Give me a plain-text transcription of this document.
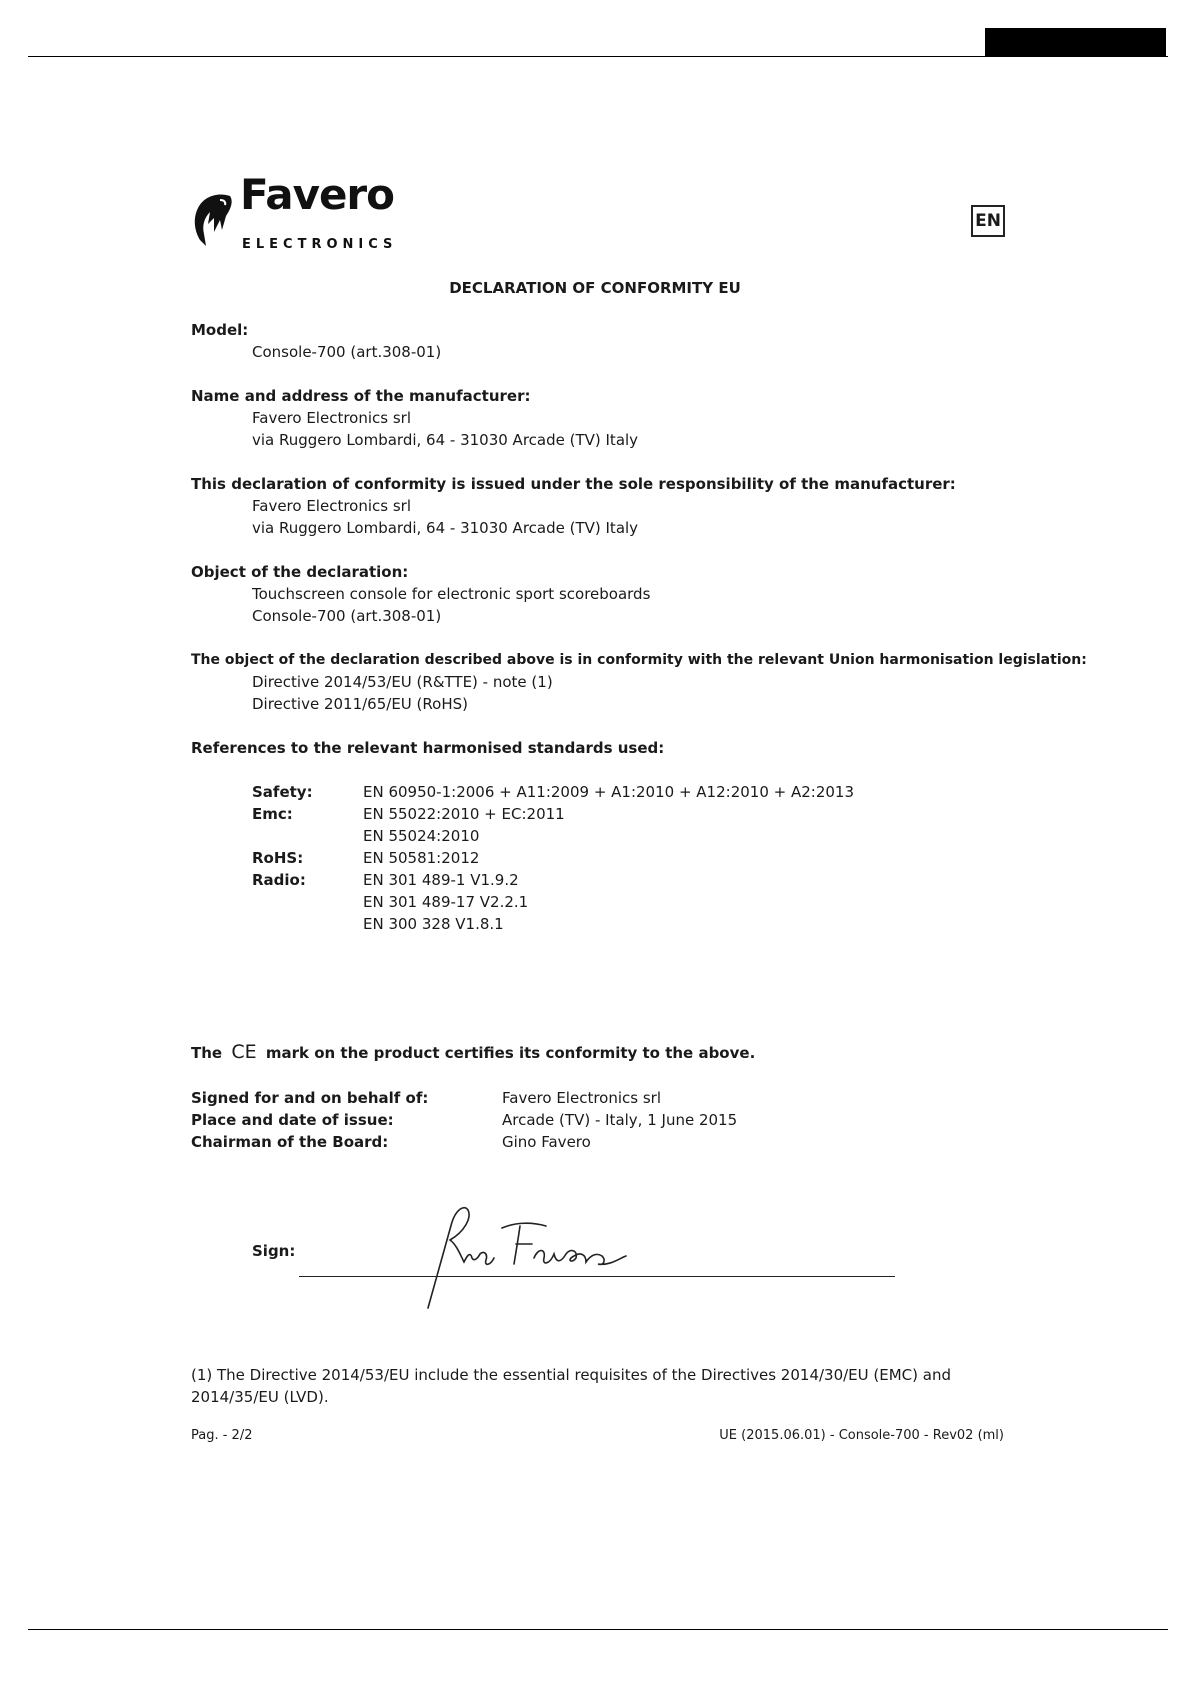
Favero
ELECTRONICS
EN
DECLARATION OF CONFORMITY EU
Model:
Console-700 (art.308-01)
Name and address of the manufacturer:
Favero Electronics srl
via Ruggero Lombardi, 64 - 31030 Arcade (TV) Italy
This declaration of conformity is issued under the sole responsibility of the manufacturer:
Favero Electronics srl
via Ruggero Lombardi, 64 - 31030 Arcade (TV) Italy
Object of the declaration:
Touchscreen console for electronic sport scoreboards
Console-700 (art.308-01)
The object of the declaration described above is in conformity with the relevant Union harmonisation legislation:
Directive 2014/53/EU (R&TTE) - note (1)
Directive 2011/65/EU (RoHS)
References to the relevant harmonised standards used:
Safety:	EN 60950-1:2006 + A11:2009 + A1:2010 + A12:2010 + A2:2013
Emc:	EN 55022:2010 + EC:2011
EN 55024:2010
RoHS:	EN 50581:2012
Radio:	EN 301 489-1 V1.9.2
EN 301 489-17 V2.2.1
EN 300 328 V1.8.1
The CE mark on the product certifies its conformity to the above.
Signed for and on behalf of:	Favero Electronics srl
Place and date of issue:	Arcade (TV) - Italy, 1 June 2015
Chairman of the Board:	Gino Favero
Sign:
(1) The Directive 2014/53/EU include the essential requisites of the Directives 2014/30/EU (EMC) and 2014/35/EU (LVD).
Pag. - 2/2	UE (2015.06.01) - Console-700 - Rev02 (ml)
